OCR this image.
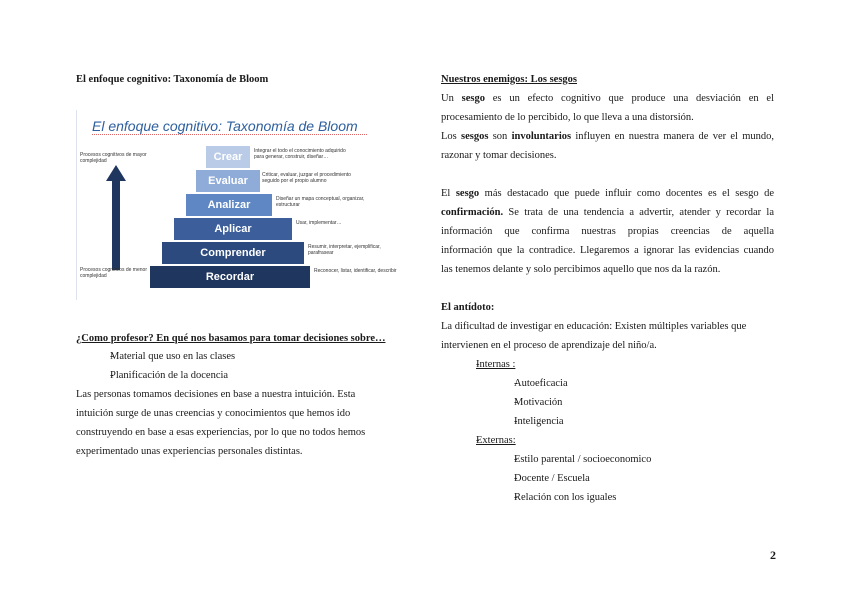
El enfoque cognitivo: Taxonomía de Bloom
El enfoque cognitivo: Taxonomía de Bloom
Procesos cognitivos de mayor complejidad
Procesos cognitivos de menor complejidad
Crear	Integrar el todo el conocimiento adquirido para generar, construir, diseñar…
Evaluar	Criticar, evaluar, juzgar el procedimiento seguido por el propio alumno
Analizar	Diseñar un mapa conceptual, organizar, estructurar
Aplicar	Usar, implementar…
Comprender	Resumir, interpretar, ejemplificar, parafrasear
Recordar	Reconocer, listar, identificar, describir
¿Como profesor? En qué nos basamos para tomar decisiones sobre…
- Material que uso en las clases
- Planificación de la docencia
Las personas tomamos decisiones en base a nuestra intuición. Esta
intuición surge de unas creencias y conocimientos que hemos ido
construyendo en base a esas experiencias, por lo que no todos hemos
experimentado unas experiencias personales distintas.
Nuestros enemigos: Los sesgos
Un sesgo es un efecto cognitivo que produce una desviación en el
procesamiento de lo percibido, lo que lleva a una distorsión.
Los sesgos son involuntarios influyen en nuestra manera de ver el mundo,
razonar y tomar decisiones.
El sesgo más destacado que puede influir como docentes es el sesgo de
confirmación. Se trata de una tendencia a advertir, atender y recordar la
información que confirma nuestras propias creencias de aquella
información que la contradice. Llegaremos a ignorar las evidencias cuando
las tenemos delante y solo percibimos aquello que nos da la razón.
El antídoto:
La dificultad de investigar en educación: Existen múltiples variables que
intervienen en el proceso de aprendizaje del niño/a.
- Internas :
- Autoeficacia
- Motivación
- Inteligencia
- Externas:
- Estilo parental / socioeconomico
- Docente / Escuela
- Relación con los iguales
2
